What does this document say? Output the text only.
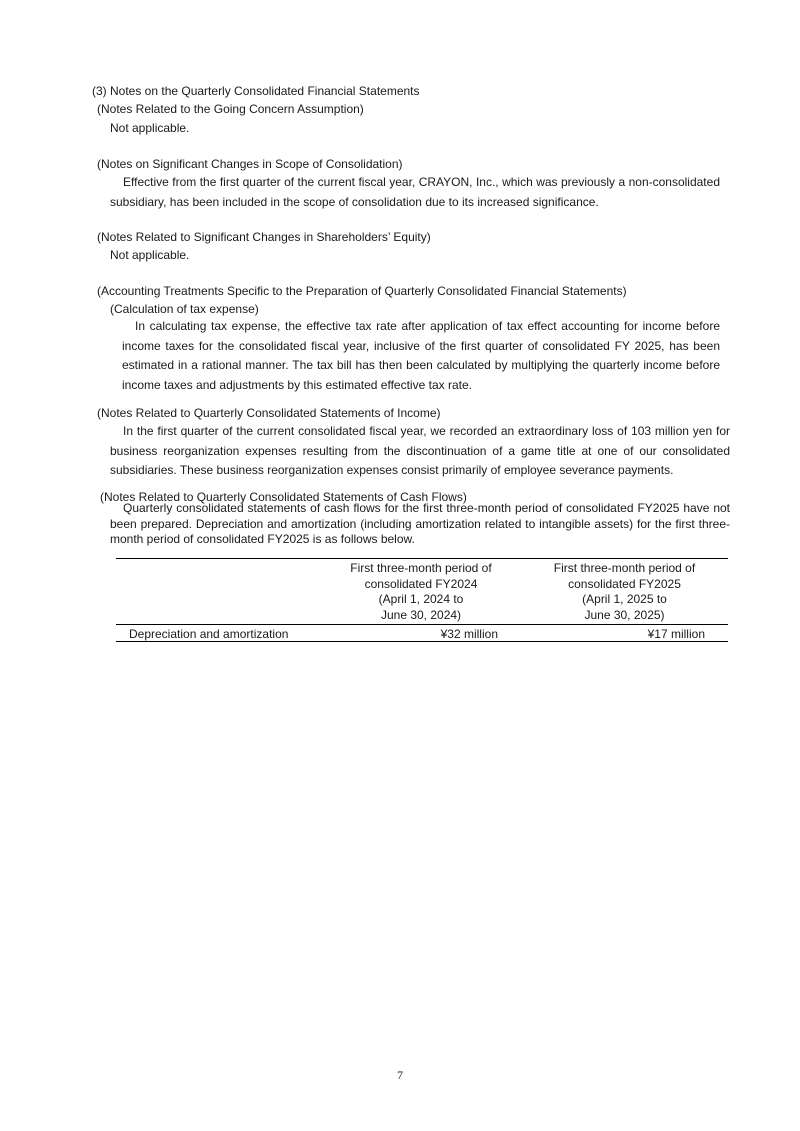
(3) Notes on the Quarterly Consolidated Financial Statements
(Notes Related to the Going Concern Assumption)
Not applicable.
(Notes on Significant Changes in Scope of Consolidation)
Effective from the first quarter of the current fiscal year, CRAYON, Inc., which was previously a non-consolidated subsidiary, has been included in the scope of consolidation due to its increased significance.
(Notes Related to Significant Changes in Shareholders’ Equity)
Not applicable.
(Accounting Treatments Specific to the Preparation of Quarterly Consolidated Financial Statements)
(Calculation of tax expense)
In calculating tax expense, the effective tax rate after application of tax effect accounting for income before income taxes for the consolidated fiscal year, inclusive of the first quarter of consolidated FY 2025, has been estimated in a rational manner. The tax bill has then been calculated by multiplying the quarterly income before income taxes and adjustments by this estimated effective tax rate.
(Notes Related to Quarterly Consolidated Statements of Income)
In the first quarter of the current consolidated fiscal year, we recorded an extraordinary loss of 103 million yen for business reorganization expenses resulting from the discontinuation of a game title at one of our consolidated subsidiaries. These business reorganization expenses consist primarily of employee severance payments.
(Notes Related to Quarterly Consolidated Statements of Cash Flows)
Quarterly consolidated statements of cash flows for the first three-month period of consolidated FY2025 have not been prepared. Depreciation and amortization (including amortization related to intangible assets) for the first three-month period of consolidated FY2025 is as follows below.
	First three-month period of
consolidated FY2024
(April 1, 2024 to
June 30, 2024)	First three-month period of
consolidated FY2025
(April 1, 2025 to
June 30, 2025)
Depreciation and amortization	¥32 million	¥17 million
7
